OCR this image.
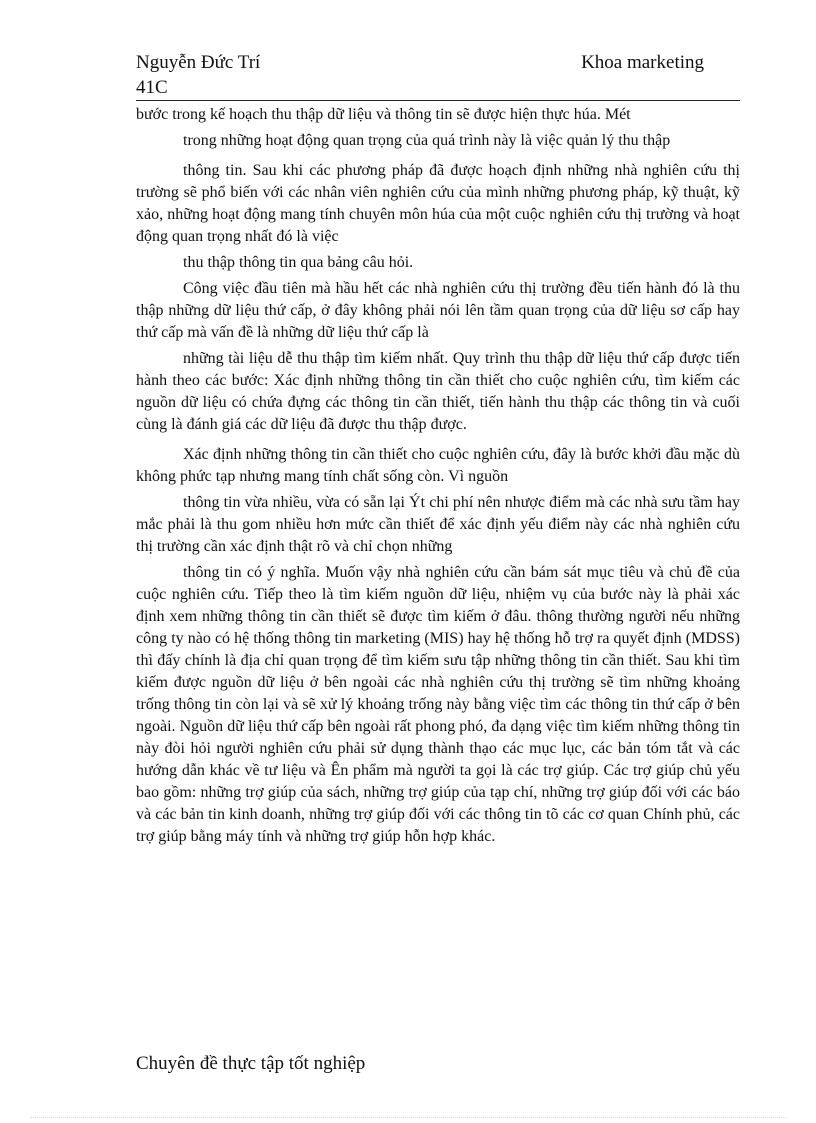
Nguyễn Đức Trí
41C
Khoa marketing

bước trong kế hoạch thu thập dữ liệu và thông tin sẽ được hiện thực húa. Mét

trong những hoạt động quan trọng của quá trình này là việc quản lý thu thập

thông tin. Sau khi các phương pháp đã được hoạch định những nhà nghiên cứu thị trường sẽ phổ biến với các nhân viên nghiên cứu của mình những phương pháp, kỹ thuật, kỹ xảo, những hoạt động mang tính chuyên môn húa của một cuộc nghiên cứu thị trường và hoạt động quan trọng nhất đó là việc

thu thập thông tin qua bảng câu hỏi.

Công việc đầu tiên mà hầu hết các nhà nghiên cứu thị trường đều tiến hành đó là thu thập những dữ liệu thứ cấp, ở đây không phải nói lên tầm quan trọng của dữ liệu sơ cấp hay thứ cấp mà vấn đề là những dữ liệu thứ cấp là

những tài liệu dễ thu thập tìm kiếm nhất. Quy trình thu thập dữ liệu thứ cấp được tiến hành theo các bước: Xác định những thông tin cần thiết cho cuộc nghiên cứu, tìm kiếm các nguồn dữ liệu có chứa đựng các thông tin cần thiết, tiến hành thu thập các thông tin và cuối cùng là đánh giá các dữ liệu đã được thu thập được.

Xác định những thông tin cần thiết cho cuộc nghiên cứu, đây là bước khởi đầu mặc dù không phức tạp nhưng mang tính chất sống còn. Vì nguồn

thông tin vừa nhiều, vừa có sẵn lại Ýt chi phí nên nhược điểm mà các nhà sưu tầm hay mắc phải là thu gom nhiều hơn mức cần thiết để xác định yếu điểm này các nhà nghiên cứu thị trường cần xác định thật rõ và chỉ chọn những

thông tin có ý nghĩa. Muốn vậy nhà nghiên cứu cần bám sát mục tiêu và chủ đề của cuộc nghiên cứu. Tiếp theo là tìm kiếm nguồn dữ liệu, nhiệm vụ của bước này là phải xác định xem những thông tin cần thiết sẽ được tìm kiếm ở đâu. thông thường người nếu những công ty nào có hệ thống thông tin marketing (MIS) hay hệ thống hỗ trợ ra quyết định (MDSS) thì đấy chính là địa chỉ quan trọng để tìm kiếm sưu tập những thông tin cần thiết. Sau khi tìm kiếm được nguồn dữ liệu ở bên ngoài các nhà nghiên cứu thị trường sẽ tìm những khoảng trống thông tin còn lại và sẽ xử lý khoảng trống này bằng việc tìm các thông tin thứ cấp ở bên ngoài. Nguồn dữ liệu thứ cấp bên ngoài rất phong phó, đa dạng việc tìm kiếm những thông tin này đòi hỏi người nghiên cứu phải sử dụng thành thạo các mục lục, các bản tóm tắt và các hướng dẫn khác về tư liệu và Ên phẩm mà người ta gọi là các trợ giúp. Các trợ giúp chủ yếu bao gồm: những trợ giúp của sách, những trợ giúp của tạp chí, những trợ giúp đối với các báo và các bản tin kinh doanh, những trợ giúp đối với các thông tin tõ các cơ quan Chính phủ, các trợ giúp bằng máy tính và những trợ giúp hỗn hợp khác.

Chuyên đề thực tập tốt nghiệp
